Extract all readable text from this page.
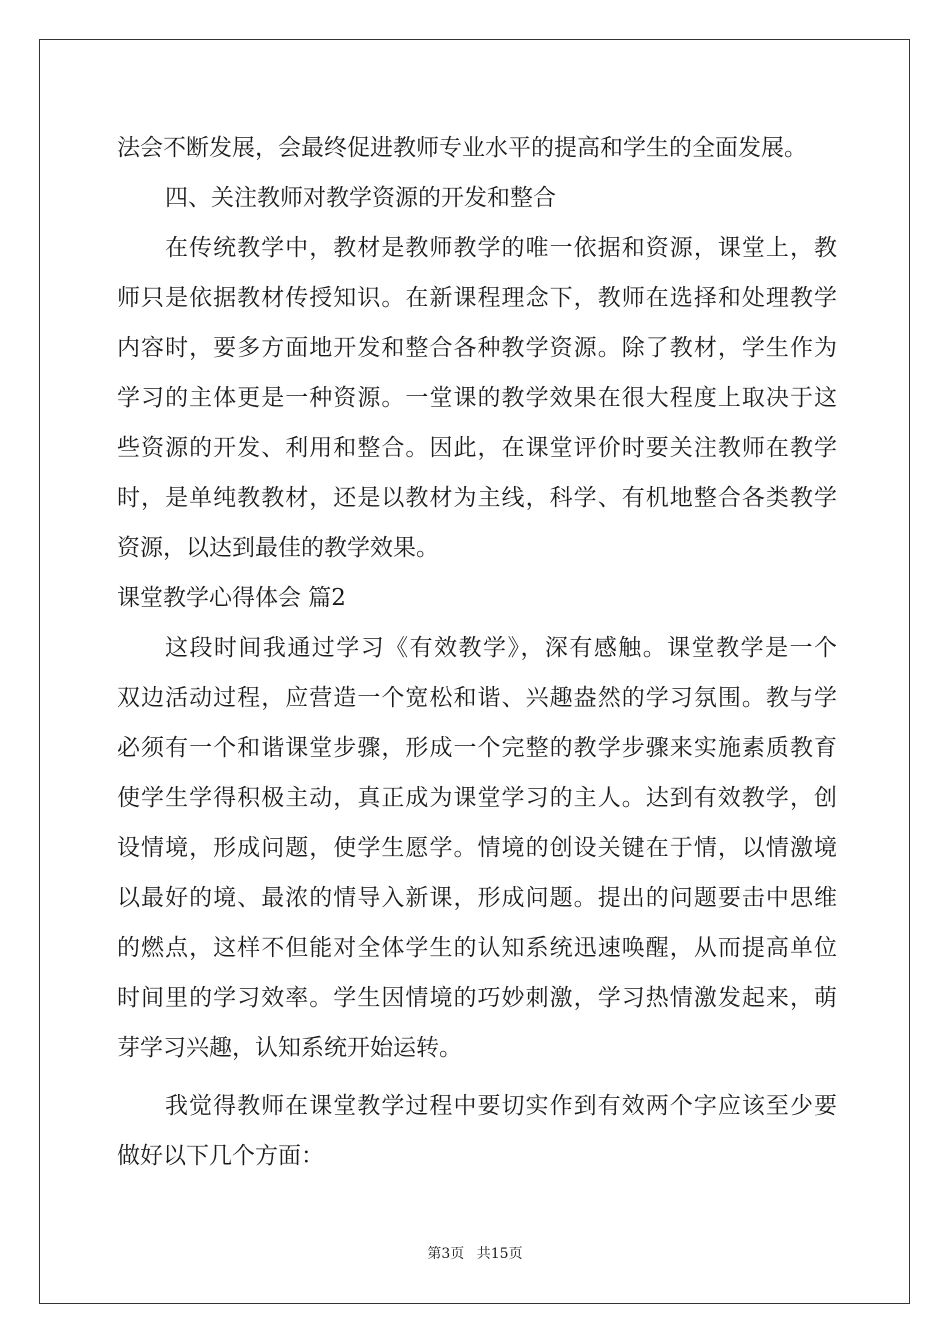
法会不断发展，会最终促进教师专业水平的提高和学生的全面发展。
四、关注教师对教学资源的开发和整合
在传统教学中，教材是教师教学的唯一依据和资源，课堂上，教
师只是依据教材传授知识。在新课程理念下，教师在选择和处理教学
内容时，要多方面地开发和整合各种教学资源。除了教材，学生作为
学习的主体更是一种资源。一堂课的教学效果在很大程度上取决于这
些资源的开发、利用和整合。因此，在课堂评价时要关注教师在教学
时，是单纯教教材，还是以教材为主线，科学、有机地整合各类教学
资源，以达到最佳的教学效果。
课堂教学心得体会 篇2
这段时间我通过学习《有效教学》，深有感触。课堂教学是一个
双边活动过程，应营造一个宽松和谐、兴趣盎然的学习氛围。教与学
必须有一个和谐课堂步骤，形成一个完整的教学步骤来实施素质教育
使学生学得积极主动，真正成为课堂学习的主人。达到有效教学，创
设情境，形成问题，使学生愿学。情境的创设关键在于情，以情激境
以最好的境、最浓的情导入新课，形成问题。提出的问题要击中思维
的燃点，这样不但能对全体学生的认知系统迅速唤醒，从而提高单位
时间里的学习效率。学生因情境的巧妙刺激，学习热情激发起来，萌
芽学习兴趣，认知系统开始运转。
我觉得教师在课堂教学过程中要切实作到有效两个字应该至少要
做好以下几个方面：
第3页 共15页
